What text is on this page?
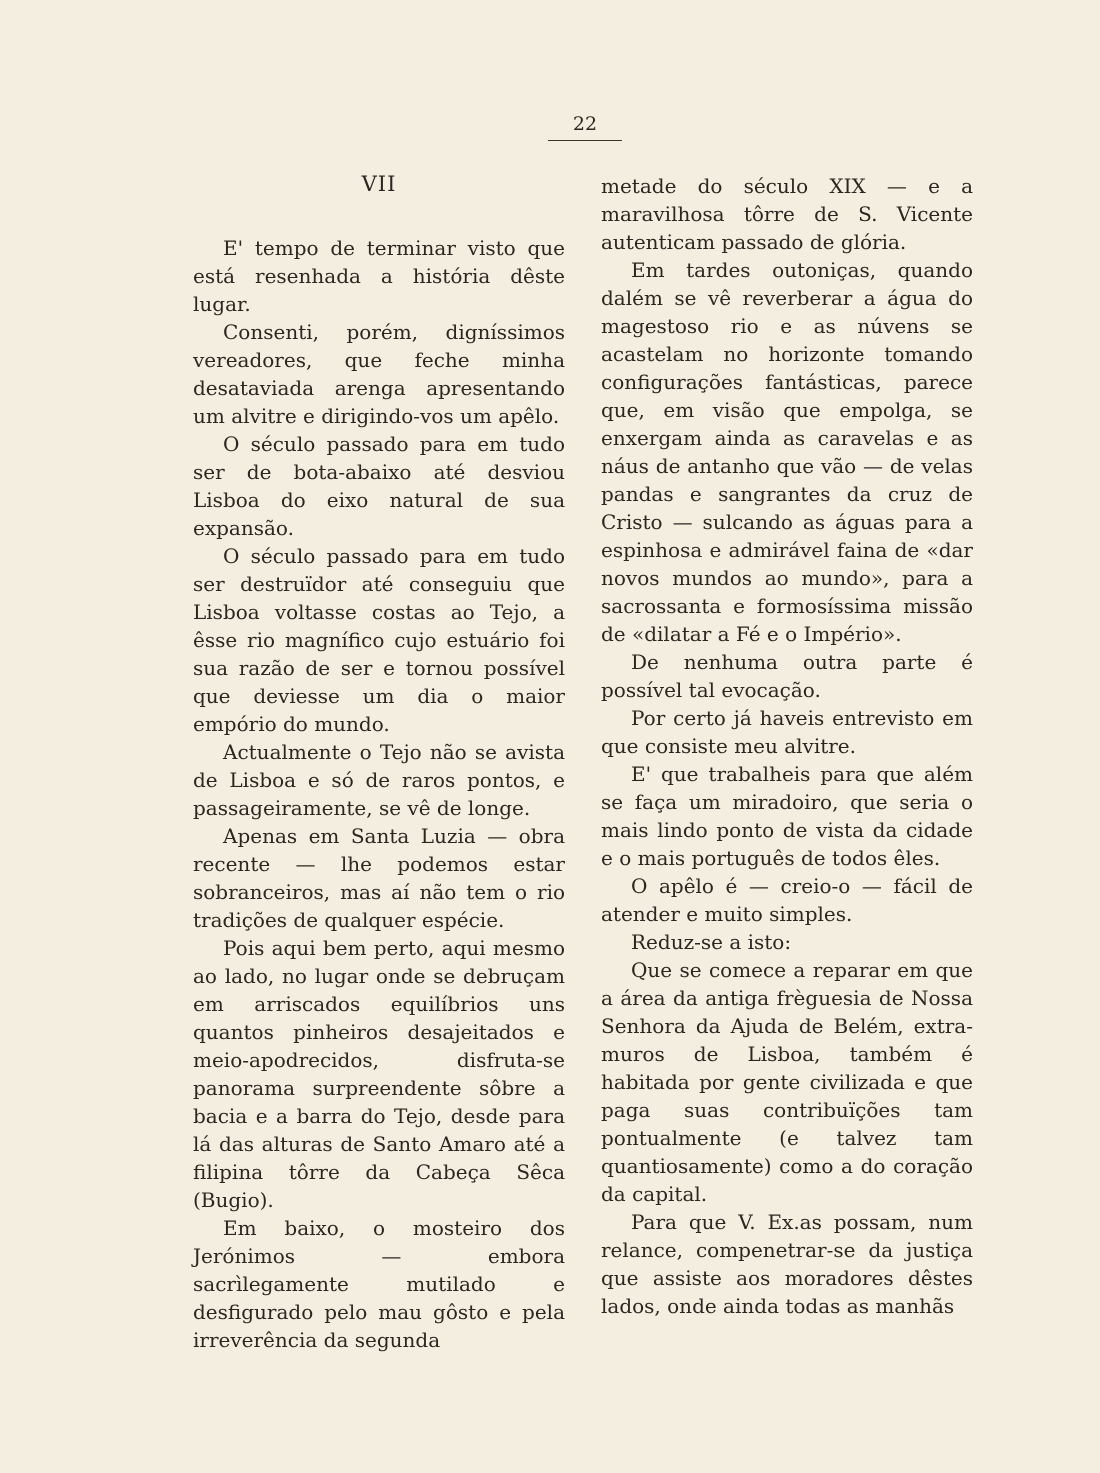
22
VII

E' tempo de terminar visto que está resenhada a história dêste lugar.

Consenti, porém, digníssimos vereadores, que feche minha desataviada arenga apresentando um alvitre e dirigindo-vos um apêlo.

O século passado para em tudo ser de bota-abaixo até desviou Lisboa do eixo natural de sua expansão.

O século passado para em tudo ser destruïdor até conseguiu que Lisboa voltasse costas ao Tejo, a êsse rio magnífico cujo estuário foi sua razão de ser e tornou possível que deviesse um dia o maior empório do mundo.

Actualmente o Tejo não se avista de Lisboa e só de raros pontos, e passageiramente, se vê de longe.

Apenas em Santa Luzia — obra recente — lhe podemos estar sobranceiros, mas aí não tem o rio tradições de qualquer espécie.

Pois aqui bem perto, aqui mesmo ao lado, no lugar onde se debruçam em arriscados equilíbrios uns quantos pinheiros desajeitados e meio-apodrecidos, disfruta-se panorama surpreendente sôbre a bacia e a barra do Tejo, desde para lá das alturas de Santo Amaro até a filipina tôrre da Cabeça Sêca (Bugio).

Em baixo, o mosteiro dos Jerónimos — embora sacrìlegamente mutilado e desfigurado pelo mau gôsto e pela irreverência da segunda

metade do século XIX — e a maravilhosa tôrre de S. Vicente autenticam passado de glória.

Em tardes outoniças, quando dalém se vê reverberar a água do magestoso rio e as núvens se acastelam no horizonte tomando configurações fantásticas, parece que, em visão que empolga, se enxergam ainda as caravelas e as náus de antanho que vão — de velas pandas e sangrantes da cruz de Cristo — sulcando as águas para a espinhosa e admirável faina de «dar novos mundos ao mundo», para a sacrossanta e formosíssima missão de «dilatar a Fé e o Império».

De nenhuma outra parte é possível tal evocação.

Por certo já haveis entrevisto em que consiste meu alvitre.

E' que trabalheis para que além se faça um miradoiro, que seria o mais lindo ponto de vista da cidade e o mais português de todos êles.

O apêlo é — creio-o — fácil de atender e muito simples.

Reduz-se a isto:

Que se comece a reparar em que a área da antiga frèguesia de Nossa Senhora da Ajuda de Belém, extra-muros de Lisboa, também é habitada por gente civilizada e que paga suas contribuïções tam pontualmente (e talvez tam quantiosamente) como a do coração da capital.

Para que V. Ex.as possam, num relance, compenetrar-se da justiça que assiste aos moradores dêstes lados, onde ainda todas as manhãs
